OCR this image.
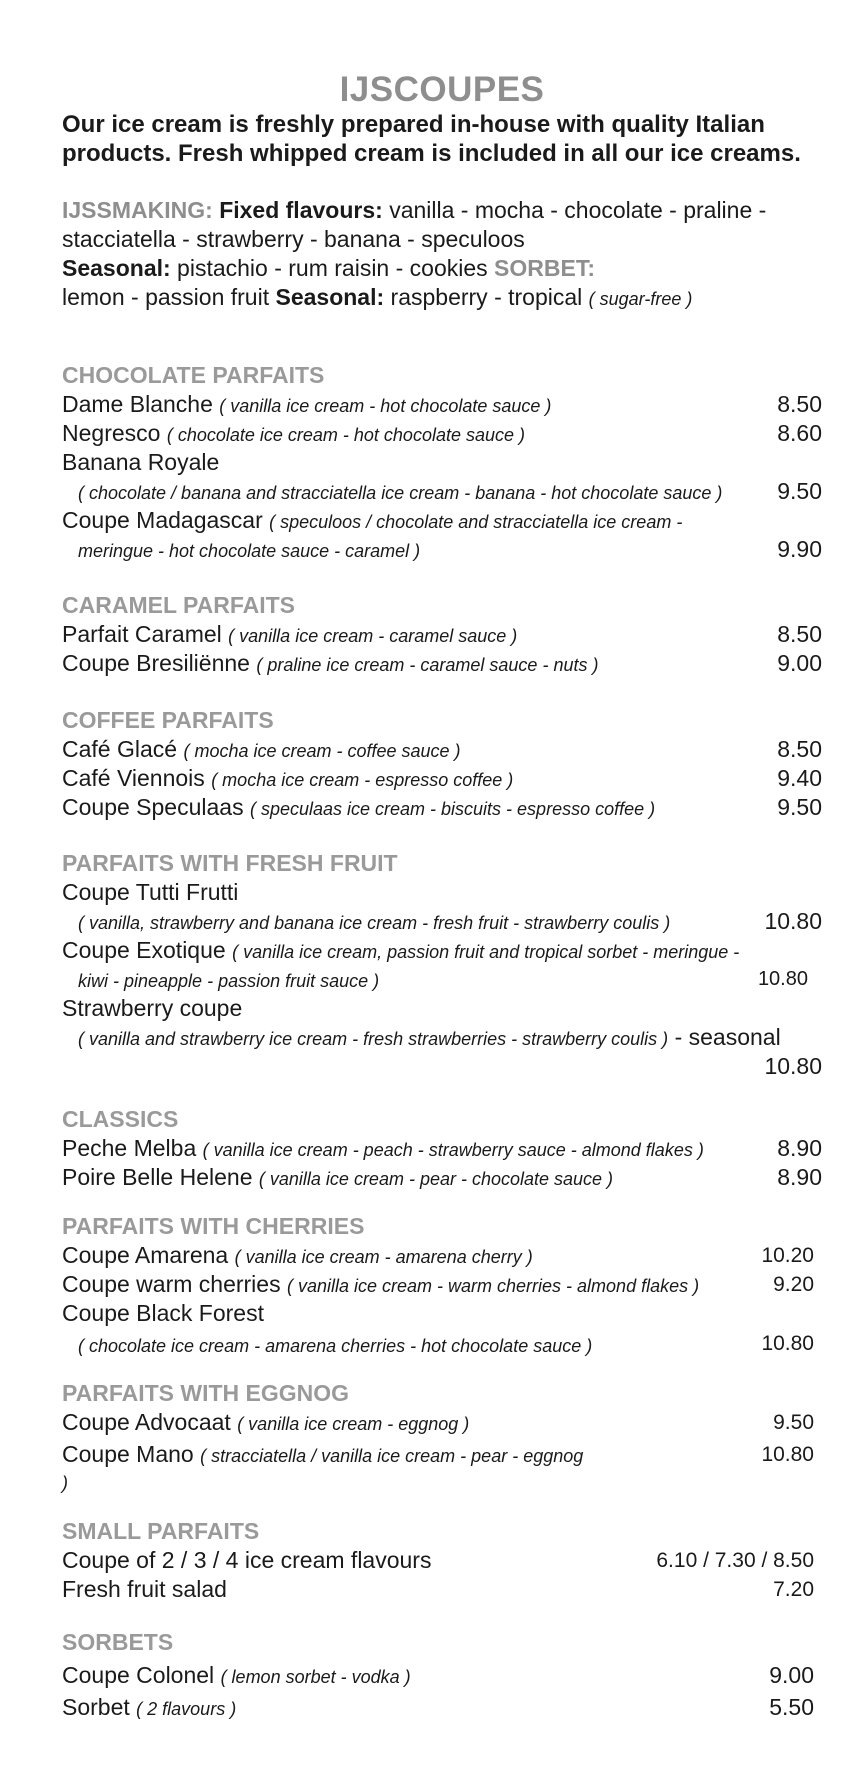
IJSCOUPES
Our ice cream is freshly prepared in-house with quality Italian products. Fresh whipped cream is included in all our ice creams.
IJSSMAKING: Fixed flavours: vanilla - mocha - chocolate - praline - stacciatella - strawberry - banana - speculoos
Seasonal: pistachio - rum raisin - cookies SORBET:
lemon - passion fruit Seasonal: raspberry - tropical ( sugar-free )
CHOCOLATE PARFAITS
Dame Blanche ( vanilla ice cream - hot chocolate sauce )	8.50
Negresco ( chocolate ice cream - hot chocolate sauce )	8.60
Banana Royale
( chocolate / banana and stracciatella ice cream - banana - hot chocolate sauce ) 9.50
Coupe Madagascar ( speculoos / chocolate and stracciatella ice cream -
meringue - hot chocolate sauce - caramel )	9.90
CARAMEL PARFAITS
Parfait Caramel ( vanilla ice cream - caramel sauce )	8.50
Coupe Bresiliënne ( praline ice cream - caramel sauce - nuts )	9.00
COFFEE PARFAITS
Café Glacé ( mocha ice cream - coffee sauce )	8.50
Café Viennois ( mocha ice cream - espresso coffee )	9.40
Coupe Speculaas ( speculaas ice cream - biscuits - espresso coffee )	9.50
PARFAITS WITH FRESH FRUIT
Coupe Tutti Frutti
( vanilla, strawberry and banana ice cream - fresh fruit - strawberry coulis )	10.80
Coupe Exotique ( vanilla ice cream, passion fruit and tropical sorbet - meringue -
kiwi - pineapple - passion fruit sauce )	10.80
Strawberry coupe
( vanilla and strawberry ice cream - fresh strawberries - strawberry coulis ) - seasonal
10.80
CLASSICS
Peche Melba ( vanilla ice cream - peach - strawberry sauce - almond flakes )	8.90
Poire Belle Helene ( vanilla ice cream - pear - chocolate sauce )	8.90
PARFAITS WITH CHERRIES
Coupe Amarena ( vanilla ice cream - amarena cherry )	10.20
Coupe warm cherries ( vanilla ice cream - warm cherries - almond flakes )	9.20
Coupe Black Forest
( chocolate ice cream - amarena cherries - hot chocolate sauce )	10.80
PARFAITS WITH EGGNOG
Coupe Advocaat ( vanilla ice cream - eggnog )	9.50
Coupe Mano ( stracciatella / vanilla ice cream - pear - eggnog	10.80
)
SMALL PARFAITS
Coupe of 2 / 3 / 4 ice cream flavours	6.10 / 7.30 / 8.50
Fresh fruit salad	7.20
SORBETS
Coupe Colonel ( lemon sorbet - vodka )	9.00
Sorbet ( 2 flavours )	5.50
